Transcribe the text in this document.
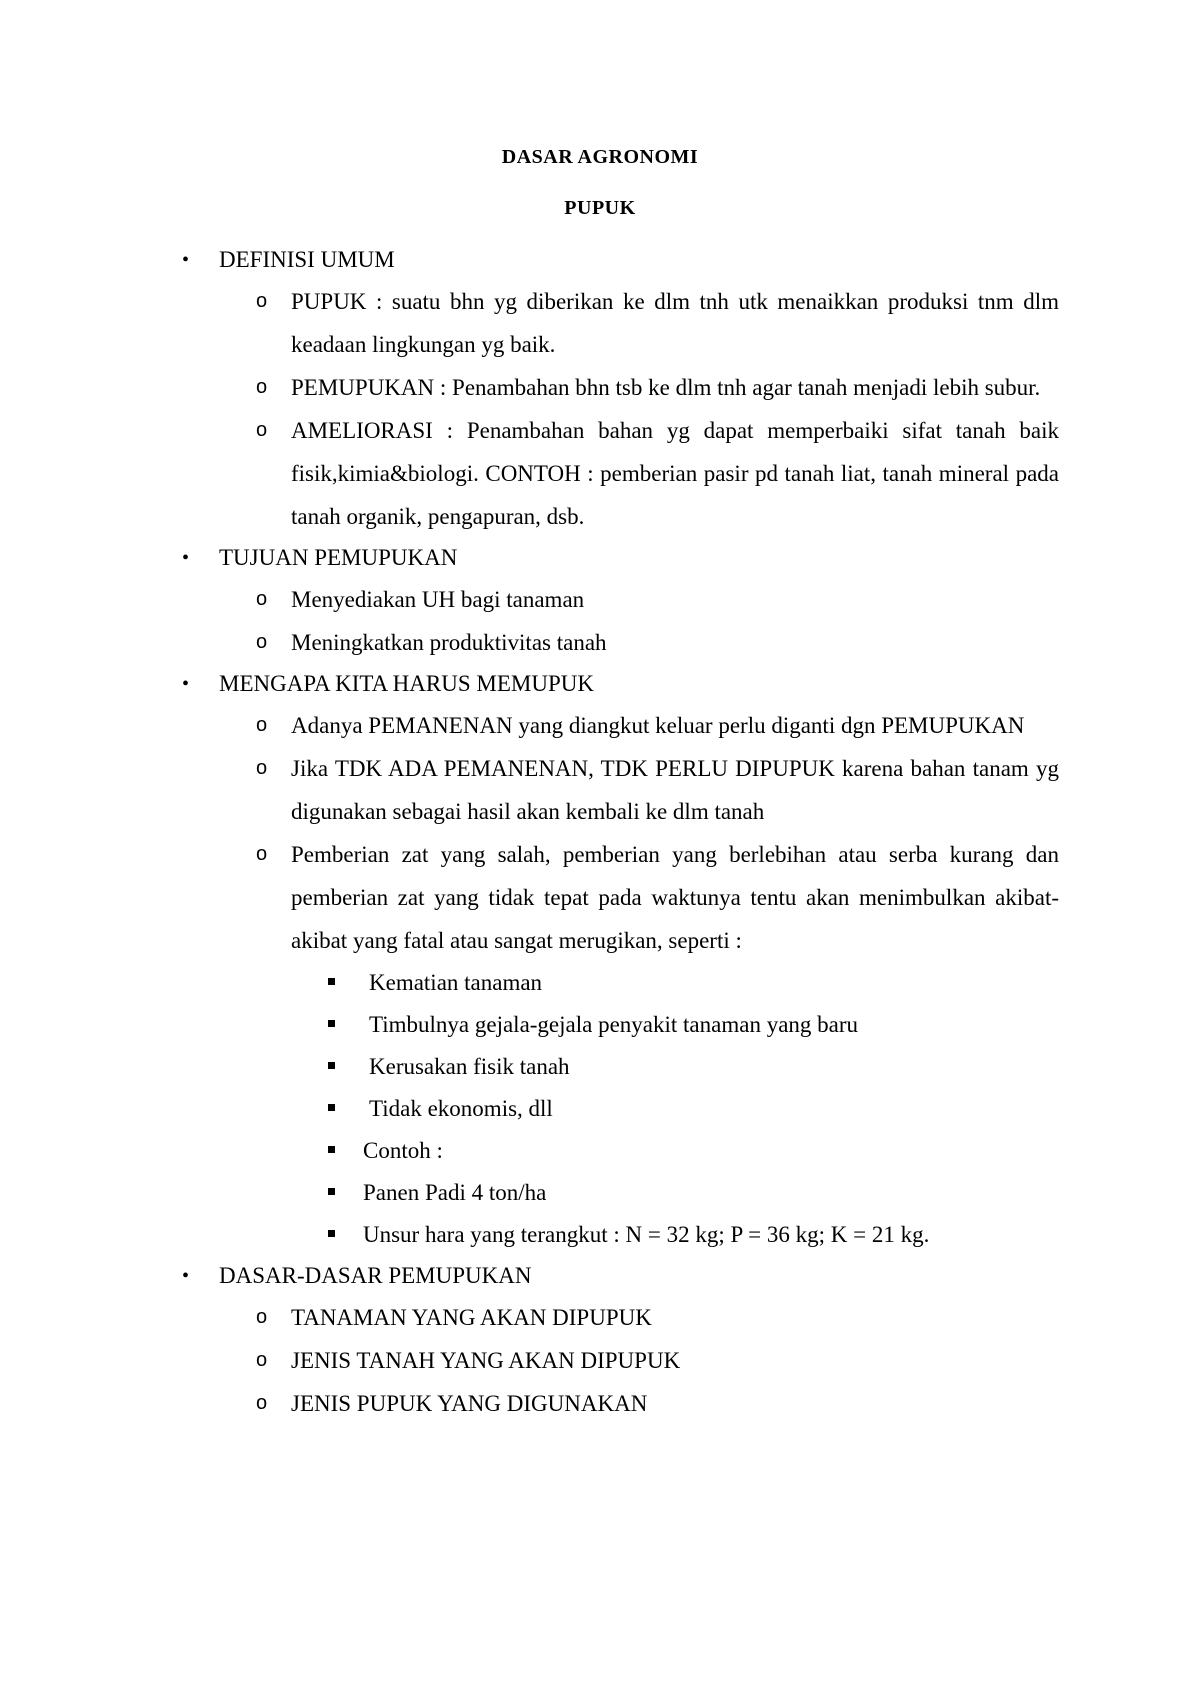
DASAR AGRONOMI
PUPUK
•	DEFINISI UMUM
o PUPUK : suatu bhn yg diberikan ke dlm tnh utk menaikkan produksi tnm dlm keadaan lingkungan yg baik.
o PEMUPUKAN : Penambahan bhn tsb ke dlm tnh agar tanah menjadi lebih subur.
o AMELIORASI : Penambahan bahan yg dapat memperbaiki sifat tanah baik fisik,kimia&biologi. CONTOH : pemberian pasir pd tanah liat, tanah mineral pada tanah organik, pengapuran, dsb.
•	TUJUAN PEMUPUKAN
o Menyediakan UH bagi tanaman
o Meningkatkan produktivitas tanah
•	MENGAPA KITA HARUS MEMUPUK
o Adanya PEMANENAN yang diangkut keluar perlu diganti dgn PEMUPUKAN
o Jika TDK ADA PEMANENAN, TDK PERLU DIPUPUK karena bahan tanam yg digunakan sebagai hasil akan kembali ke dlm tanah
o Pemberian zat yang salah, pemberian yang berlebihan atau serba kurang dan pemberian zat yang tidak tepat pada waktunya tentu akan menimbulkan akibat-akibat yang fatal atau sangat merugikan, seperti :
Kematian tanaman
Timbulnya gejala-gejala penyakit tanaman yang baru
Kerusakan fisik tanah
Tidak ekonomis, dll
Contoh :
Panen Padi 4 ton/ha
Unsur hara yang terangkut : N = 32 kg; P = 36 kg; K = 21 kg.
•	DASAR-DASAR PEMUPUKAN
o TANAMAN YANG AKAN DIPUPUK
o JENIS TANAH YANG AKAN DIPUPUK
o JENIS PUPUK YANG DIGUNAKAN
